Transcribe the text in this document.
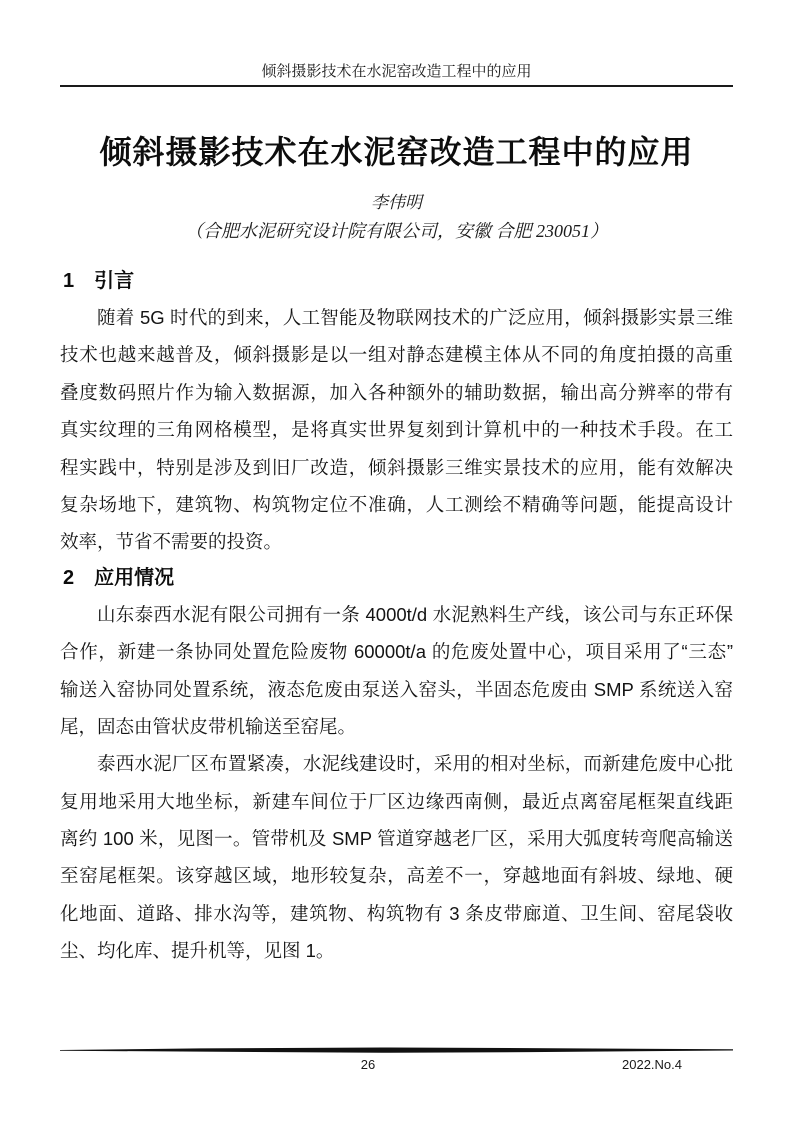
倾斜摄影技术在水泥窑改造工程中的应用
倾斜摄影技术在水泥窑改造工程中的应用
李伟明
（合肥水泥研究设计院有限公司，安徽 合肥 230051）
1 引言
随着 5G 时代的到来，人工智能及物联网技术的广泛应用，倾斜摄影实景三维
技术也越来越普及，倾斜摄影是以一组对静态建模主体从不同的角度拍摄的高重
叠度数码照片作为输入数据源，加入各种额外的辅助数据，输出高分辨率的带有
真实纹理的三角网格模型，是将真实世界复刻到计算机中的一种技术手段。在工
程实践中，特别是涉及到旧厂改造，倾斜摄影三维实景技术的应用，能有效解决
复杂场地下，建筑物、构筑物定位不准确，人工测绘不精确等问题，能提高设计
效率，节省不需要的投资。
2 应用情况
山东泰西水泥有限公司拥有一条 4000t/d 水泥熟料生产线，该公司与东正环保
合作，新建一条协同处置危险废物 60000t/a 的危废处置中心，项目采用了“三态”
输送入窑协同处置系统，液态危废由泵送入窑头，半固态危废由 SMP 系统送入窑
尾，固态由管状皮带机输送至窑尾。
泰西水泥厂区布置紧凑，水泥线建设时，采用的相对坐标，而新建危废中心批
复用地采用大地坐标，新建车间位于厂区边缘西南侧，最近点离窑尾框架直线距
离约 100 米，见图一。管带机及 SMP 管道穿越老厂区，采用大弧度转弯爬高输送
至窑尾框架。该穿越区域，地形较复杂，高差不一，穿越地面有斜坡、绿地、硬
化地面、道路、排水沟等，建筑物、构筑物有 3 条皮带廊道、卫生间、窑尾袋收
尘、均化库、提升机等，见图 1。
26	2022.No.4
